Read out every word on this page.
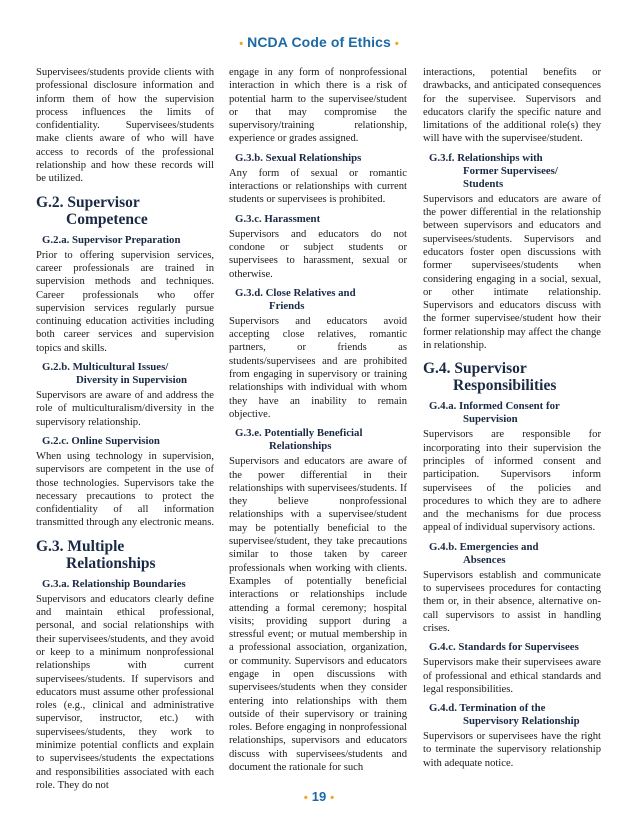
• NCDA Code of Ethics •

Supervisees/students provide clients with professional disclosure information and inform them of how the supervision process influences the limits of confidentiality. Supervisees/students make clients aware of who will have access to records of the professional relationship and how these records will be utilized.

G.2. Supervisor
Competence
G.2.a. Supervisor Preparation

Prior to offering supervision services, career professionals are trained in supervision methods and techniques. Career professionals who offer supervision services regularly pursue continuing education activities including both career services and supervision topics and skills.

G.2.b. Multicultural Issues/
Diversity in Supervision

Supervisors are aware of and address the role of multiculturalism/diversity in the supervisory relationship.

G.2.c. Online Supervision

When using technology in supervision, supervisors are competent in the use of those technologies. Supervisors take the necessary precautions to protect the confidentiality of all information transmitted through any electronic means.

G.3. Multiple
Relationships
G.3.a. Relationship Boundaries

Supervisors and educators clearly define and maintain ethical professional, personal, and social relationships with their supervisees/students, and they avoid or keep to a minimum nonprofessional relationships with current supervisees/students. If supervisors and educators must assume other professional roles (e.g., clinical and administrative supervisor, instructor, etc.) with supervisees/students, they work to minimize potential conflicts and explain to supervisees/students the expectations and responsibilities associated with each role. They do not

engage in any form of nonprofessional interaction in which there is a risk of potential harm to the supervisee/student or that may compromise the supervisory/training relationship, experience or grades assigned.

G.3.b. Sexual Relationships

Any form of sexual or romantic interactions or relationships with current students or supervisees is prohibited.

G.3.c. Harassment

Supervisors and educators do not condone or subject students or supervisees to harassment, sexual or otherwise.

G.3.d. Close Relatives and
Friends

Supervisors and educators avoid accepting close relatives, romantic partners, or friends as students/supervisees and are prohibited from engaging in supervisory or training relationships with individual with whom they have an inability to remain objective.

G.3.e. Potentially Beneficial
Relationships

Supervisors and educators are aware of the power differential in their relationships with supervisees/students. If they believe nonprofessional relationships with a supervisee/student may be potentially beneficial to the supervisee/student, they take precautions similar to those taken by career professionals when working with clients. Examples of potentially beneficial interactions or relationships include attending a formal ceremony; hospital visits; providing support during a stressful event; or mutual membership in a professional association, organization, or community. Supervisors and educators engage in open discussions with supervisees/students when they consider entering into relationships with them outside of their supervisory or training roles. Before engaging in nonprofessional relationships, supervisors and educators discuss with supervisees/students and document the rationale for such

interactions, potential benefits or drawbacks, and anticipated consequences for the supervisee. Supervisors and educators clarify the specific nature and limitations of the additional role(s) they will have with the supervisee/student.

G.3.f. Relationships with
Former Supervisees/
Students

Supervisors and educators are aware of the power differential in the relationship between supervisors and educators and supervisees/students. Supervisors and educators foster open discussions with former supervisees/students when considering engaging in a social, sexual, or other intimate relationship. Supervisors and educators discuss with the former supervisee/student how their former relationship may affect the change in relationship.

G.4. Supervisor
Responsibilities
G.4.a. Informed Consent for
Supervision

Supervisors are responsible for incorporating into their supervision the principles of informed consent and participation. Supervisors inform supervisees of the policies and procedures to which they are to adhere and the mechanisms for due process appeal of individual supervisory actions.

G.4.b. Emergencies and
Absences

Supervisors establish and communicate to supervisees procedures for contacting them or, in their absence, alternative on-call supervisors to assist in handling crises.

G.4.c. Standards for Supervisees

Supervisors make their supervisees aware of professional and ethical standards and legal responsibilities.

G.4.d. Termination of the
Supervisory Relationship

Supervisors or supervisees have the right to terminate the supervisory relationship with adequate notice.

• 19 •
